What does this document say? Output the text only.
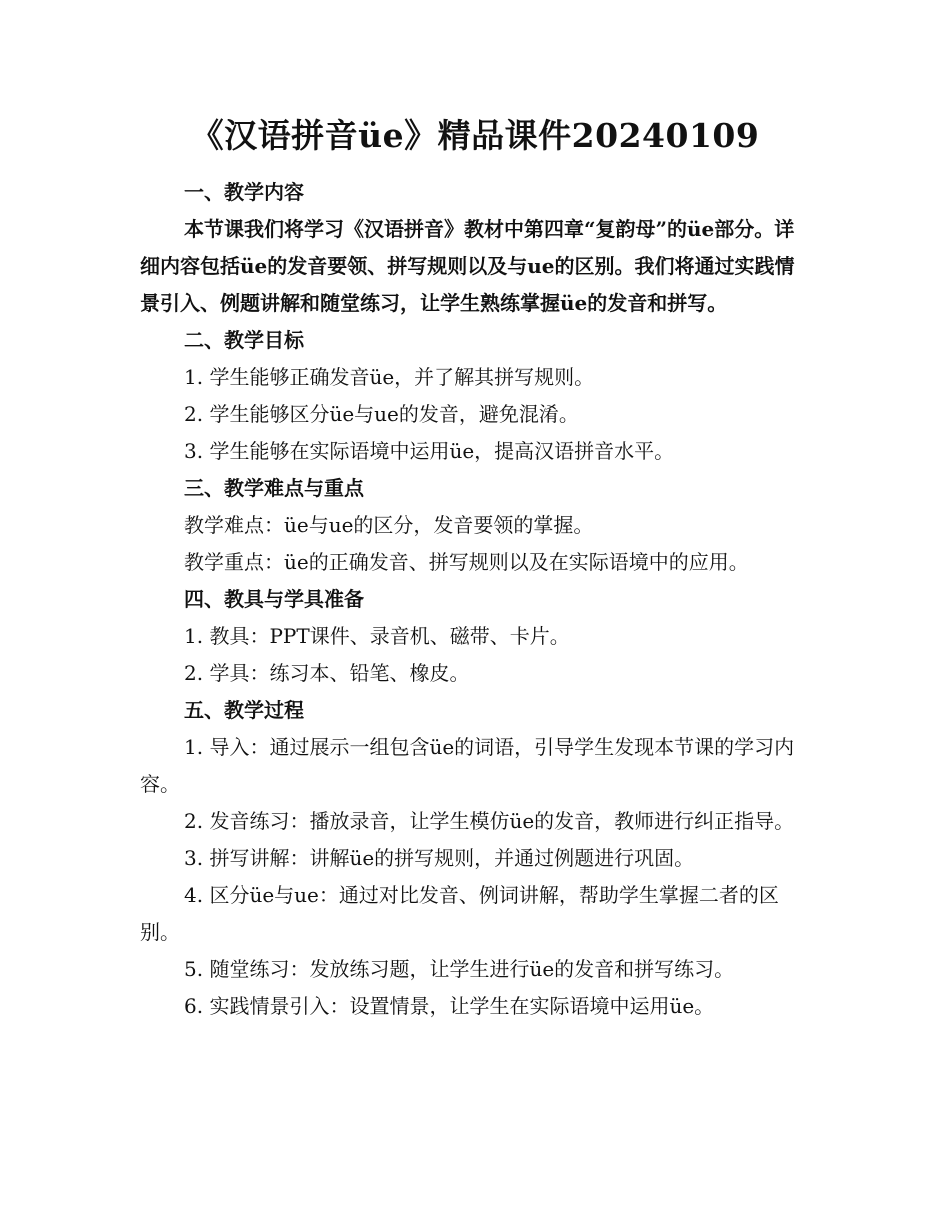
《汉语拼音üe》精品课件20240109

一、教学内容

本节课我们将学习《汉语拼音》教材中第四章“复韵母”的üe部分。详细内容包括üe的发音要领、拼写规则以及与ue的区别。我们将通过实践情景引入、例题讲解和随堂练习，让学生熟练掌握üe的发音和拼写。

二、教学目标

1. 学生能够正确发音üe，并了解其拼写规则。

2. 学生能够区分üe与ue的发音，避免混淆。

3. 学生能够在实际语境中运用üe，提高汉语拼音水平。

三、教学难点与重点

教学难点：üe与ue的区分，发音要领的掌握。

教学重点：üe的正确发音、拼写规则以及在实际语境中的应用。

四、教具与学具准备

1. 教具：PPT课件、录音机、磁带、卡片。

2. 学具：练习本、铅笔、橡皮。

五、教学过程

1. 导入：通过展示一组包含üe的词语，引导学生发现本节课的学习内容。

2. 发音练习：播放录音，让学生模仿üe的发音，教师进行纠正指导。

3. 拼写讲解：讲解üe的拼写规则，并通过例题进行巩固。

4. 区分üe与ue：通过对比发音、例词讲解，帮助学生掌握二者的区别。

5. 随堂练习：发放练习题，让学生进行üe的发音和拼写练习。

6. 实践情景引入：设置情景，让学生在实际语境中运用üe。
